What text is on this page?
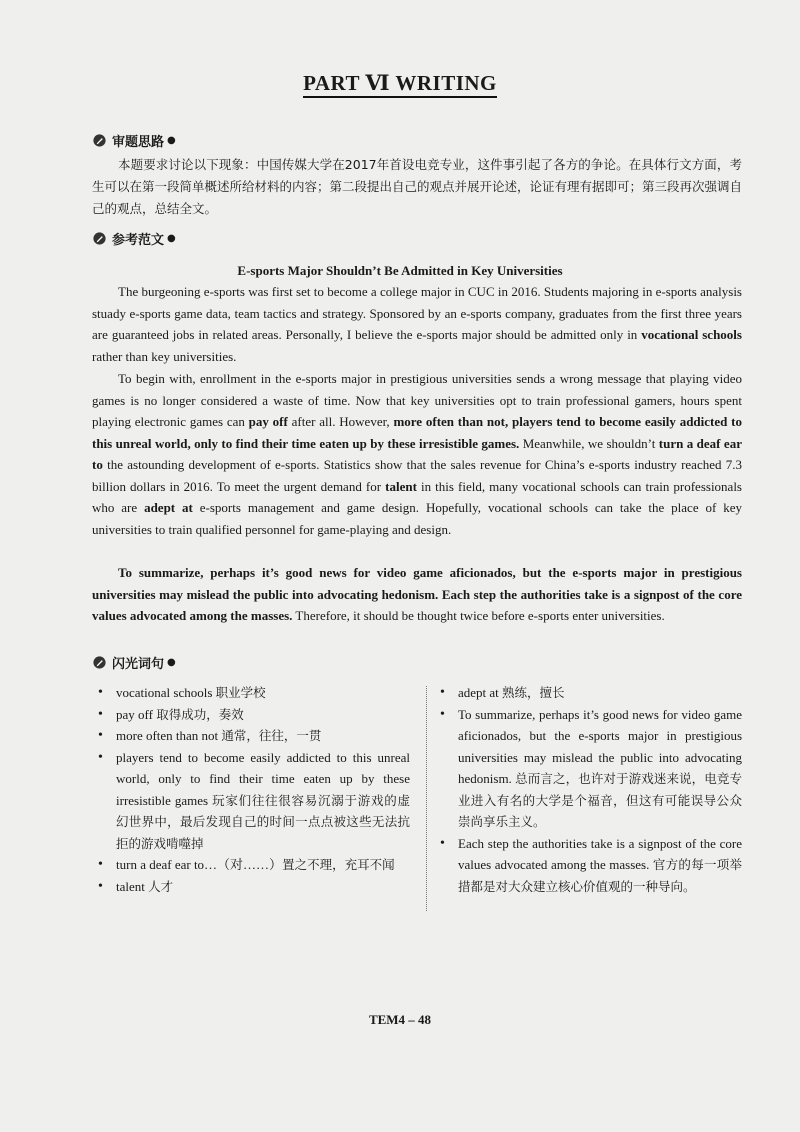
PART Ⅵ WRITING
审题思路 ●
本题要求讨论以下现象：中国传媒大学在2017年首设电竞专业，这件事引起了各方的争论。在具体行文方面，考生可以在第一段简单概述所给材料的内容；第二段提出自己的观点并展开论述，论证有理有据即可；第三段再次强调自己的观点，总结全文。
参考范文 ●
E-sports Major Shouldn’t Be Admitted in Key Universities
The burgeoning e-sports was first set to become a college major in CUC in 2016. Students majoring in e-sports analysis stuady e-sports game data, team tactics and strategy. Sponsored by an e-sports company, graduates from the first three years are guaranteed jobs in related areas. Personally, I believe the e-sports major should be admitted only in vocational schools rather than key universities.
To begin with, enrollment in the e-sports major in prestigious universities sends a wrong message that playing video games is no longer considered a waste of time. Now that key universities opt to train professional gamers, hours spent playing electronic games can pay off after all. However, more often than not, players tend to become easily addicted to this unreal world, only to find their time eaten up by these irresistible games. Meanwhile, we shouldn’t turn a deaf ear to the astounding development of e-sports. Statistics show that the sales revenue for China’s e-sports industry reached 7.3 billion dollars in 2016. To meet the urgent demand for talent in this field, many vocational schools can train professionals who are adept at e-sports management and game design. Hopefully, vocational schools can take the place of key universities to train qualified personnel for game-playing and design.
To summarize, perhaps it’s good news for video game aficionados, but the e-sports major in prestigious universities may mislead the public into advocating hedonism. Each step the authorities take is a signpost of the core values advocated among the masses. Therefore, it should be thought twice before e-sports enter universities.
闪光词句 ●
• vocational schools 职业学校
• pay off 取得成功，奏效
• more often than not 通常，往往，一贯
• players tend to become easily addicted to this unreal world, only to find their time eaten up by these irresistible games 玩家们往往很容易沉溺于游戏的虚幻世界中，最后发现自己的时间一点点被这些无法抗拒的游戏啃噬掉
• turn a deaf ear to…（对……）置之不理，充耳不闻
• talent 人才
• adept at 熟练，擅长
• To summarize, perhaps it’s good news for video game aficionados, but the e-sports major in prestigious universities may mislead the public into advocating hedonism. 总而言之，也许对于游戏迷来说，电竞专业进入有名的大学是个福音，但这有可能误导公众崇尚享乐主义。
• Each step the authorities take is a signpost of the core values advocated among the masses. 官方的每一项举措都是对大众建立核心价值观的一种导向。
TEM4 – 48
